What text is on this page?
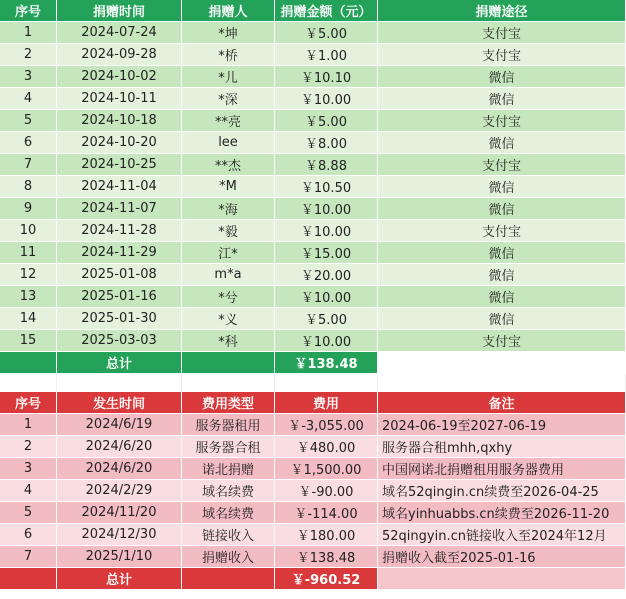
序号	捐赠时间	捐赠人	捐赠金额（元）	捐赠途径
1	2024-07-24	*坤	￥5.00	支付宝
2	2024-09-28	*桥	￥1.00	支付宝
3	2024-10-02	*儿	￥10.10	微信
4	2024-10-11	*深	￥10.00	微信
5	2024-10-18	**亮	￥5.00	支付宝
6	2024-10-20	lee	￥8.00	微信
7	2024-10-25	**杰	￥8.88	支付宝
8	2024-11-04	*M	￥10.50	微信
9	2024-11-07	*海	￥10.00	微信
10	2024-11-28	*毅	￥10.00	支付宝
11	2024-11-29	江*	￥15.00	微信
12	2025-01-08	m*a	￥20.00	微信
13	2025-01-16	*兮	￥10.00	微信
14	2025-01-30	*义	￥5.00	微信
15	2025-03-03	*科	￥10.00	支付宝
总计	￥138.48
序号	发生时间	费用类型	费用	备注
1	2024/6/19	服务器租用	￥-3,055.00	2024-06-19至2027-06-19
2	2024/6/20	服务器合租	￥480.00	服务器合租mhh,qxhy
3	2024/6/20	诺北捐赠	￥1,500.00	中国网诺北捐赠租用服务器费用
4	2024/2/29	域名续费	￥-90.00	域名52qingin.cn续费至2026-04-25
5	2024/11/20	域名续费	￥-114.00	域名yinhuabbs.cn续费至2026-11-20
6	2024/12/30	链接收入	￥180.00	52qingyin.cn链接收入至2024年12月
7	2025/1/10	捐赠收入	￥138.48	捐赠收入截至2025-01-16
总计	￥-960.52
